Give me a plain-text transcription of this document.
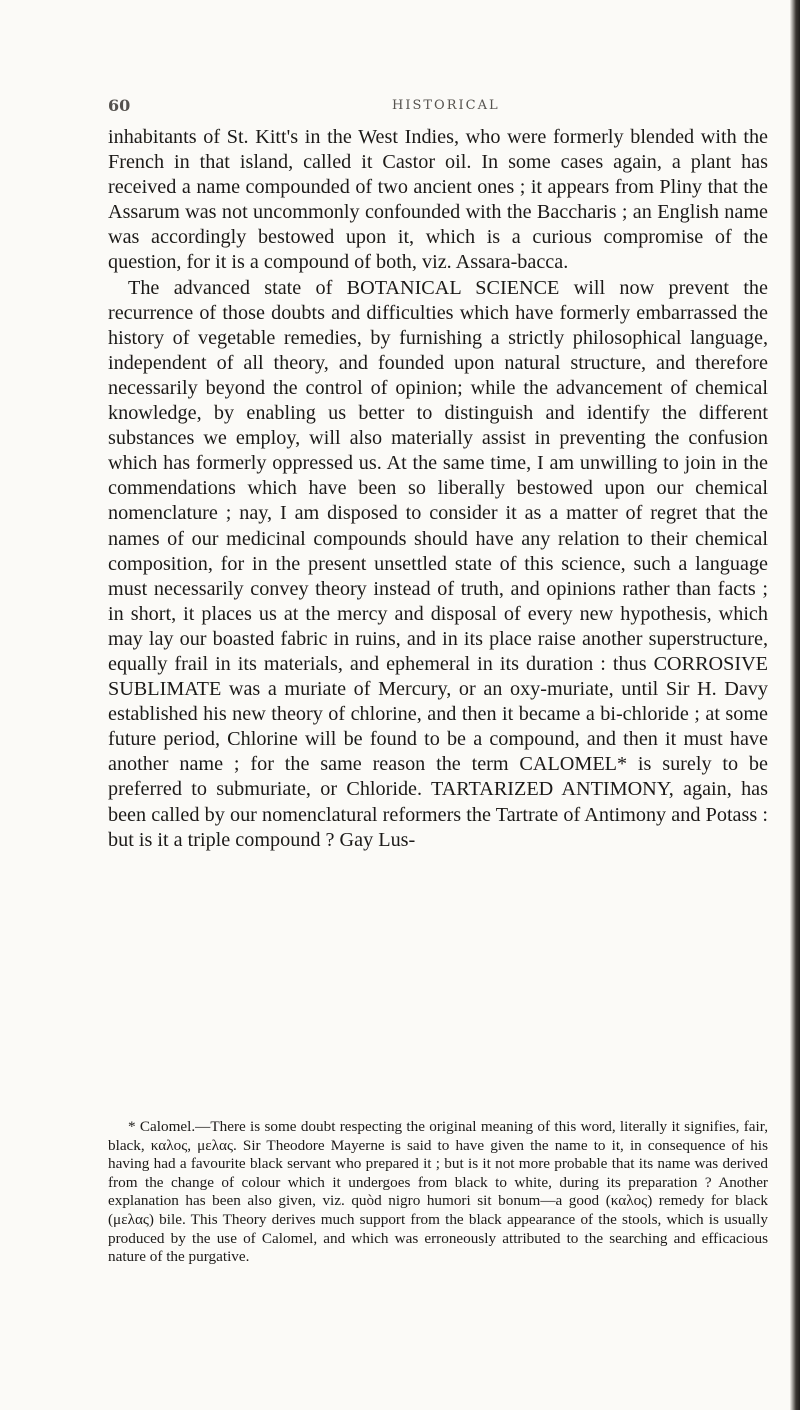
60	HISTORICAL

inhabitants of St. Kitt's in the West Indies, who were formerly blended with the French in that island, called it Castor oil. In some cases again, a plant has received a name compounded of two ancient ones ; it appears from Pliny that the Assarum was not uncommonly confounded with the Baccharis ; an English name was accordingly bestowed upon it, which is a curious compromise of the question, for it is a compound of both, viz. Assara-bacca.

The advanced state of BOTANICAL SCIENCE will now prevent the recurrence of those doubts and difficulties which have formerly embarrassed the history of vegetable remedies, by furnishing a strictly philosophical language, independent of all theory, and founded upon natural structure, and therefore necessarily beyond the control of opinion; while the advancement of chemical knowledge, by enabling us better to distinguish and identify the different substances we employ, will also materially assist in preventing the confusion which has formerly oppressed us. At the same time, I am unwilling to join in the commendations which have been so liberally bestowed upon our chemical nomenclature ; nay, I am disposed to consider it as a matter of regret that the names of our medicinal compounds should have any relation to their chemical composition, for in the present unsettled state of this science, such a language must necessarily convey theory instead of truth, and opinions rather than facts ; in short, it places us at the mercy and disposal of every new hypothesis, which may lay our boasted fabric in ruins, and in its place raise another superstructure, equally frail in its materials, and ephemeral in its duration : thus CORROSIVE SUBLIMATE was a muriate of Mercury, or an oxy-muriate, until Sir H. Davy established his new theory of chlorine, and then it became a bi-chloride ; at some future period, Chlorine will be found to be a compound, and then it must have another name ; for the same reason the term CALOMEL* is surely to be preferred to submuriate, or Chloride. TARTARIZED ANTIMONY, again, has been called by our nomenclatural reformers the Tartrate of Antimony and Potass : but is it a triple compound ? Gay Lus-

* Calomel.—There is some doubt respecting the original meaning of this word, literally it signifies, fair, black, καλος, μελας. Sir Theodore Mayerne is said to have given the name to it, in consequence of his having had a favourite black servant who prepared it ; but is it not more probable that its name was derived from the change of colour which it undergoes from black to white, during its preparation ? Another explanation has been also given, viz. quòd nigro humori sit bonum—a good (καλος) remedy for black (μελας) bile. This Theory derives much support from the black appearance of the stools, which is usually produced by the use of Calomel, and which was erroneously attributed to the searching and efficacious nature of the purgative.
